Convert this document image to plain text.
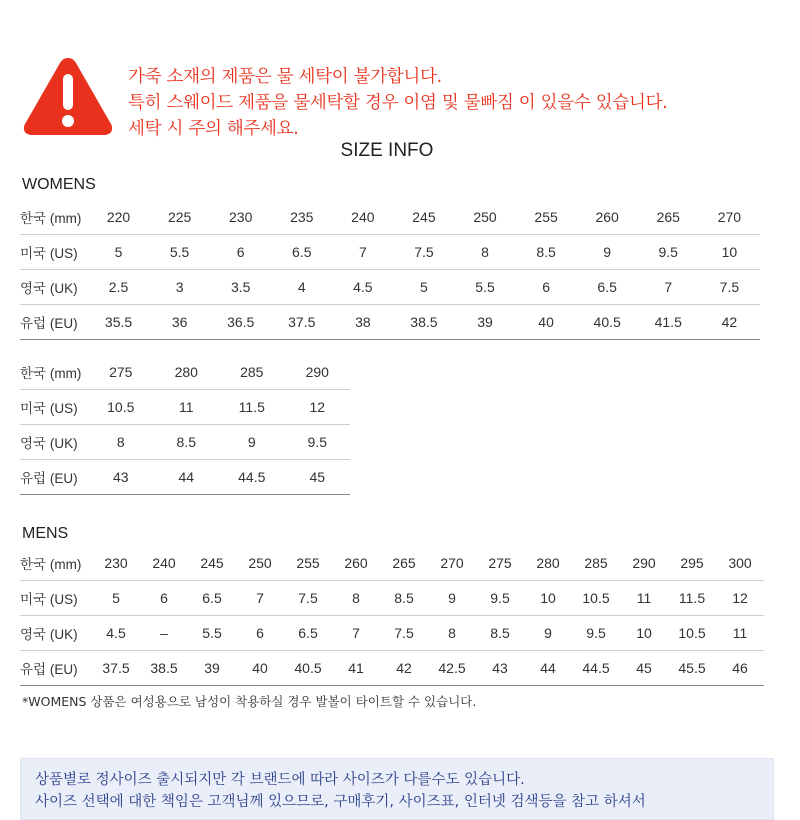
가죽 소재의 제품은 물 세탁이 불가합니다.
특히 스웨이드 제품을 물세탁할 경우 이염 및 물빠짐 이 있을수 있습니다.
세탁 시 주의 해주세요.
SIZE INFO
WOMENS
한국 (mm)	220	225	230	235	240	245	250	255	260	265	270
미국 (US)	5	5.5	6	6.5	7	7.5	8	8.5	9	9.5	10
영국 (UK)	2.5	3	3.5	4	4.5	5	5.5	6	6.5	7	7.5
유럽 (EU)	35.5	36	36.5	37.5	38	38.5	39	40	40.5	41.5	42
한국 (mm)	275	280	285	290
미국 (US)	10.5	11	11.5	12
영국 (UK)	8	8.5	9	9.5
유럽 (EU)	43	44	44.5	45
MENS
한국 (mm)	230	240	245	250	255	260	265	270	275	280	285	290	295	300
미국 (US)	5	6	6.5	7	7.5	8	8.5	9	9.5	10	10.5	11	11.5	12
영국 (UK)	4.5	–	5.5	6	6.5	7	7.5	8	8.5	9	9.5	10	10.5	11
유럽 (EU)	37.5	38.5	39	40	40.5	41	42	42.5	43	44	44.5	45	45.5	46
*WOMENS 상품은 여성용으로 남성이 착용하실 경우 발볼이 타이트할 수 있습니다.
상품별로 정사이즈 출시되지만 각 브랜드에 따라 사이즈가 다를수도 있습니다.
사이즈 선택에 대한 책임은 고객님께 있으므로, 구매후기, 사이즈표, 인터넷 검색등을 참고 하셔서
